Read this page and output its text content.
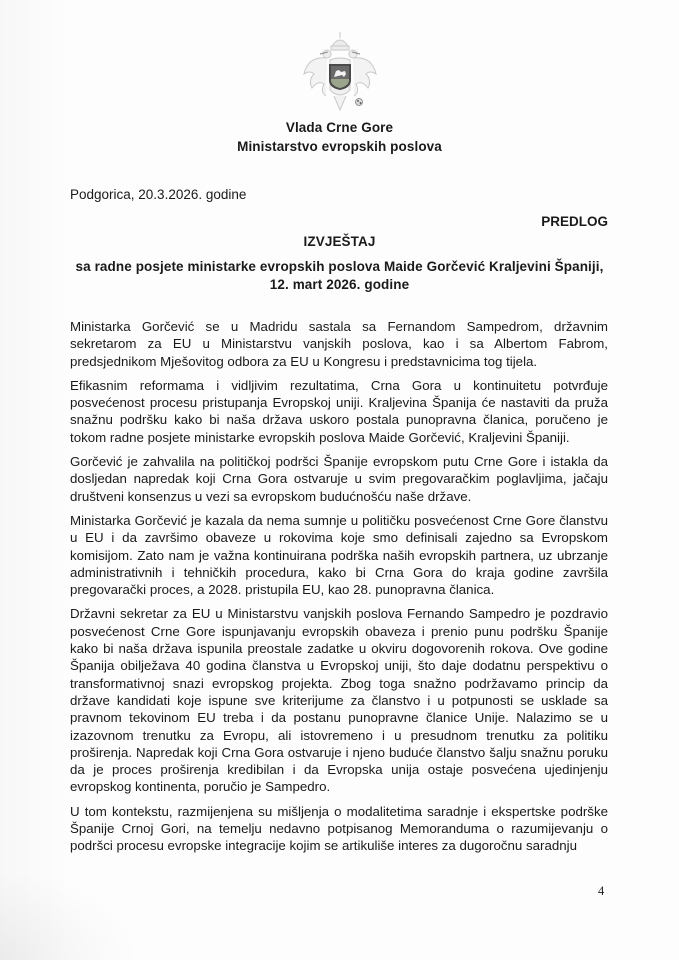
Vlada Crne Gore
Ministarstvo evropskih poslova
Podgorica, 20.3.2026. godine
PREDLOG
IZVJEŠTAJ
sa radne posjete ministarke evropskih poslova Maide Gorčević Kraljevini Španiji,
12. mart 2026. godine

Ministarka Gorčević se u Madridu sastala sa Fernandom Sampedrom, državnim sekretarom za EU u Ministarstvu vanjskih poslova, kao i sa Albertom Fabrom, predsjednikom Mješovitog odbora za EU u Kongresu i predstavnicima tog tijela.

Efikasnim reformama i vidljivim rezultatima, Crna Gora u kontinuitetu potvrđuje posvećenost procesu pristupanja Evropskoj uniji. Kraljevina Španija će nastaviti da pruža snažnu podršku kako bi naša država uskoro postala punopravna članica, poručeno je tokom radne posjete ministarke evropskih poslova Maide Gorčević, Kraljevini Španiji.

Gorčević je zahvalila na političkoj podršci Španije evropskom putu Crne Gore i istakla da dosljedan napredak koji Crna Gora ostvaruje u svim pregovaračkim poglavljima, jačaju društveni konsenzus u vezi sa evropskom budućnošću naše države.

Ministarka Gorčević je kazala da nema sumnje u političku posvećenost Crne Gore članstvu u EU i da završimo obaveze u rokovima koje smo definisali zajedno sa Evropskom komisijom. Zato nam je važna kontinuirana podrška naših evropskih partnera, uz ubrzanje administrativnih i tehničkih procedura, kako bi Crna Gora do kraja godine završila pregovarački proces, a 2028. pristupila EU, kao 28. punopravna članica.

Državni sekretar za EU u Ministarstvu vanjskih poslova Fernando Sampedro je pozdravio posvećenost Crne Gore ispunjavanju evropskih obaveza i prenio punu podršku Španije kako bi naša država ispunila preostale zadatke u okviru dogovorenih rokova. Ove godine Španija obilježava 40 godina članstva u Evropskoj uniji, što daje dodatnu perspektivu o transformativnoj snazi evropskog projekta. Zbog toga snažno podržavamo princip da države kandidati koje ispune sve kriterijume za članstvo i u potpunosti se usklade sa pravnom tekovinom EU treba i da postanu punopravne članice Unije. Nalazimo se u izazovnom trenutku za Evropu, ali istovremeno i u presudnom trenutku za politiku proširenja. Napredak koji Crna Gora ostvaruje i njeno buduće članstvo šalju snažnu poruku da je proces proširenja kredibilan i da Evropska unija ostaje posvećena ujedinjenju evropskog kontinenta, poručio je Sampedro.

U tom kontekstu, razmijenjena su mišljenja o modalitetima saradnje i ekspertske podrške Španije Crnoj Gori, na temelju nedavno potpisanog Memoranduma o razumijevanju o podršci procesu evropske integracije kojim se artikuliše interes za dugoročnu saradnju

4
